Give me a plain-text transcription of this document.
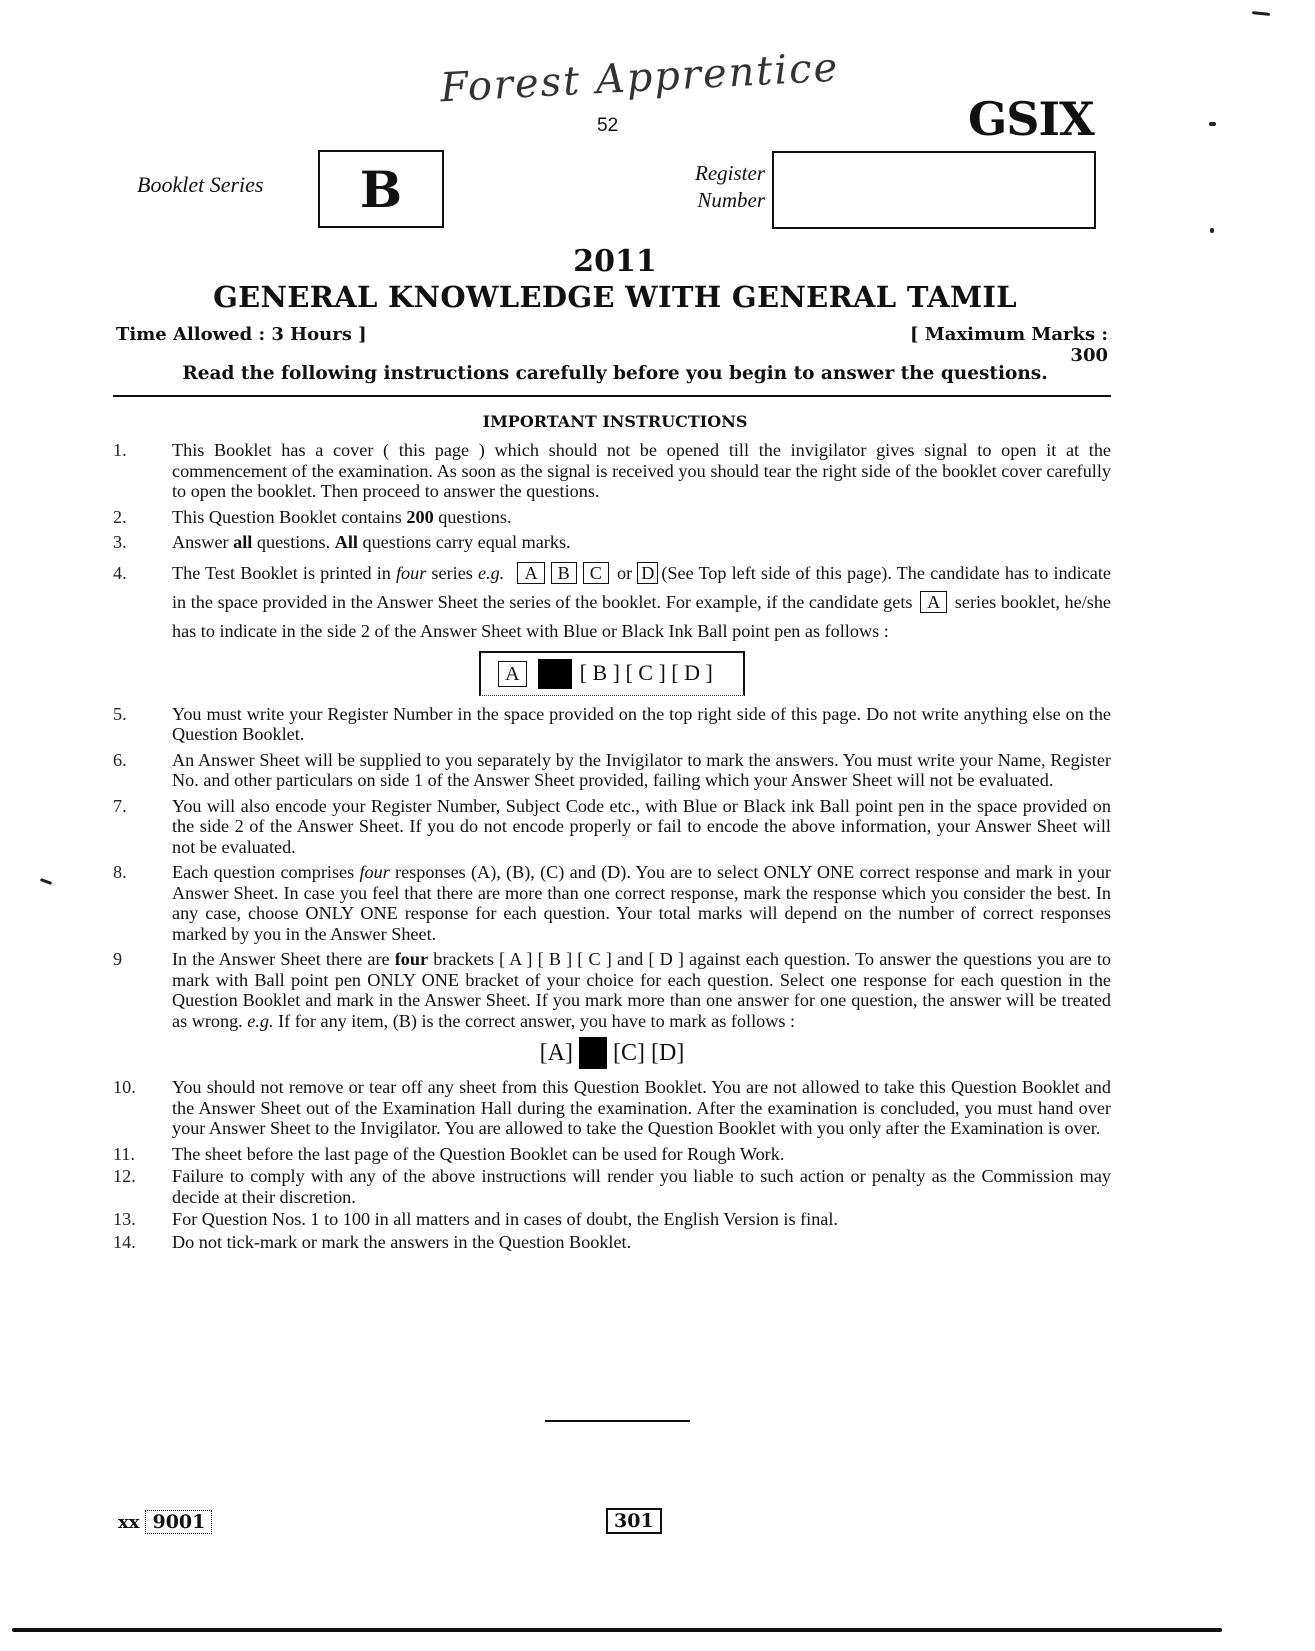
Forest Apprentice
52	GSIX
Booklet Series B	Register
Number
2011
GENERAL KNOWLEDGE WITH GENERAL TAMIL
Time Allowed : 3 Hours ]	[ Maximum Marks : 300
Read the following instructions carefully before you begin to answer the questions.
IMPORTANT INSTRUCTIONS
1.	This Booklet has a cover ( this page ) which should not be opened till the invigilator gives signal to open it at the commencement of the examination. As soon as the signal is received you should tear the right side of the booklet cover carefully to open the booklet. Then proceed to answer the questions.
2.	This Question Booklet contains 200 questions.
3.	Answer all questions. All questions carry equal marks.
4.	The Test Booklet is printed in four series e.g. A B C or D (See Top left side of this page). The candidate has to indicate in the space provided in the Answer Sheet the series of the booklet. For example, if the candidate gets A series booklet, he/she has to indicate in the side 2 of the Answer Sheet with Blue or Black Ink Ball point pen as follows :
A	[ B ] [ C ] [ D ]
5.	You must write your Register Number in the space provided on the top right side of this page. Do not write anything else on the Question Booklet.
6.	An Answer Sheet will be supplied to you separately by the Invigilator to mark the answers. You must write your Name, Register No. and other particulars on side 1 of the Answer Sheet provided, failing which your Answer Sheet will not be evaluated.
7.	You will also encode your Register Number, Subject Code etc., with Blue or Black ink Ball point pen in the space provided on the side 2 of the Answer Sheet. If you do not encode properly or fail to encode the above information, your Answer Sheet will not be evaluated.
8.	Each question comprises four responses (A), (B), (C) and (D). You are to select ONLY ONE correct response and mark in your Answer Sheet. In case you feel that there are more than one correct response, mark the response which you consider the best. In any case, choose ONLY ONE response for each question. Your total marks will depend on the number of correct responses marked by you in the Answer Sheet.
9	In the Answer Sheet there are four brackets [ A ] [ B ] [ C ] and [ D ] against each question. To answer the questions you are to mark with Ball point pen ONLY ONE bracket of your choice for each question. Select one response for each question in the Question Booklet and mark in the Answer Sheet. If you mark more than one answer for one question, the answer will be treated as wrong. e.g. If for any item, (B) is the correct answer, you have to mark as follows :
[A] [C] [D]
10.	You should not remove or tear off any sheet from this Question Booklet. You are not allowed to take this Question Booklet and the Answer Sheet out of the Examination Hall during the examination. After the examination is concluded, you must hand over your Answer Sheet to the Invigilator. You are allowed to take the Question Booklet with you only after the Examination is over.
11.	The sheet before the last page of the Question Booklet can be used for Rough Work.
12.	Failure to comply with any of the above instructions will render you liable to such action or penalty as the Commission may decide at their discretion.
13.	For Question Nos. 1 to 100 in all matters and in cases of doubt, the English Version is final.
14.	Do not tick-mark or mark the answers in the Question Booklet.
xx 9001	301
